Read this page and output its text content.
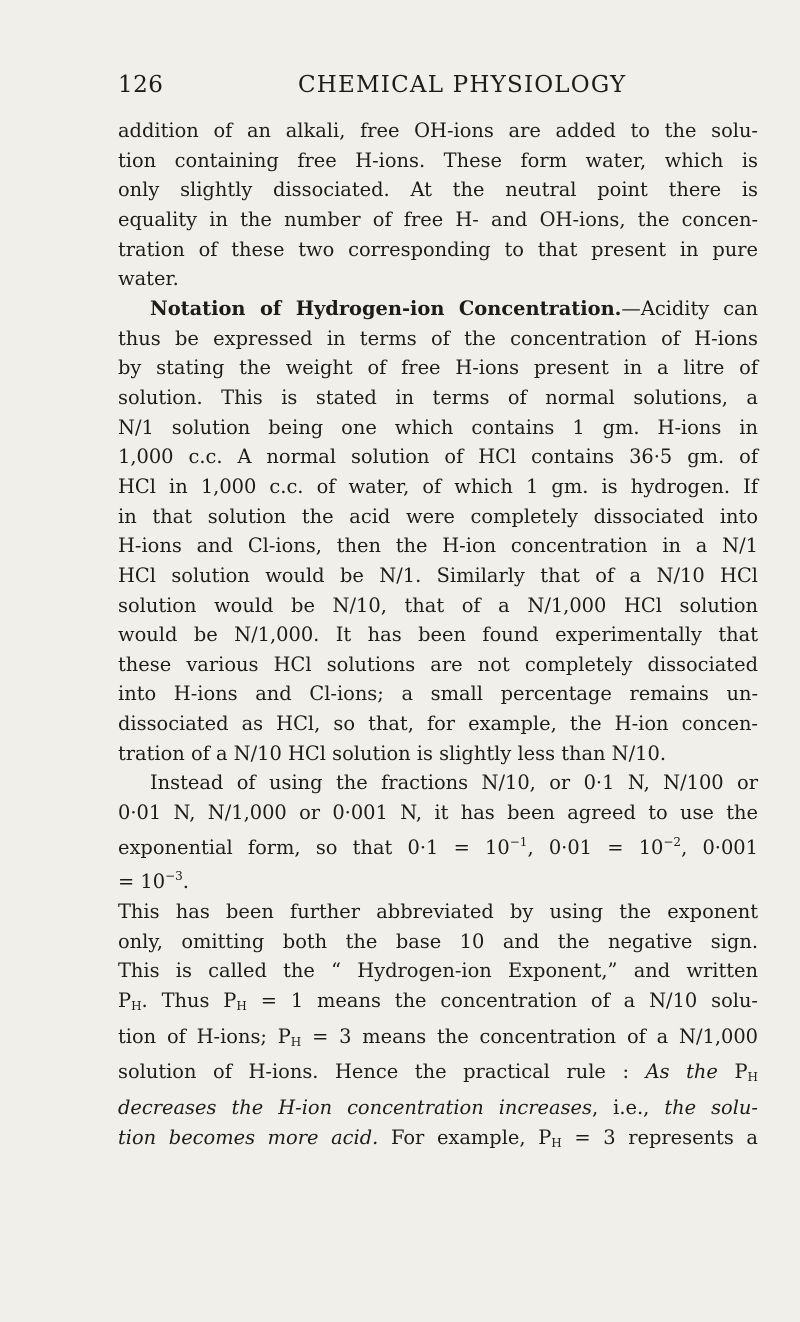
126	CHEMICAL PHYSIOLOGY

addition of an alkali, free OH-ions are added to the solu-
tion containing free H-ions. These form water, which is
only slightly dissociated. At the neutral point there is
equality in the number of free H- and OH-ions, the concen-
tration of these two corresponding to that present in pure
water.

Notation of Hydrogen-ion Concentration.—Acidity can
thus be expressed in terms of the concentration of H-ions
by stating the weight of free H-ions present in a litre of
solution. This is stated in terms of normal solutions, a
N/1 solution being one which contains 1 gm. H-ions in
1,000 c.c. A normal solution of HCl contains 36·5 gm. of
HCl in 1,000 c.c. of water, of which 1 gm. is hydrogen. If
in that solution the acid were completely dissociated into
H-ions and Cl-ions, then the H-ion concentration in a N/1
HCl solution would be N/1. Similarly that of a N/10 HCl
solution would be N/10, that of a N/1,000 HCl solution
would be N/1,000. It has been found experimentally that
these various HCl solutions are not completely dissociated
into H-ions and Cl-ions; a small percentage remains un-
dissociated as HCl, so that, for example, the H-ion concen-
tration of a N/10 HCl solution is slightly less than N/10.

Instead of using the fractions N/10, or 0·1 N, N/100 or
0·01 N, N/1,000 or 0·001 N, it has been agreed to use the
exponential form, so that $0\cdot 1 = 10^{-1}$, $0\cdot 01 = 10^{-2}$, 0·001
= $10^{-3}$.

This has been further abbreviated by using the exponent
only, omitting both the base 10 and the negative sign.
This is called the “ Hydrogen-ion Exponent,” and written
$P_H$. Thus $P_H = 1$ means the concentration of a N/10 solu-
tion of H-ions; $P_H = 3$ means the concentration of a N/1,000
solution of H-ions. Hence the practical rule : As the $P_H$
decreases the H-ion concentration increases, i.e., the solu-
tion becomes more acid. For example, $P_H = 3$ represents a
